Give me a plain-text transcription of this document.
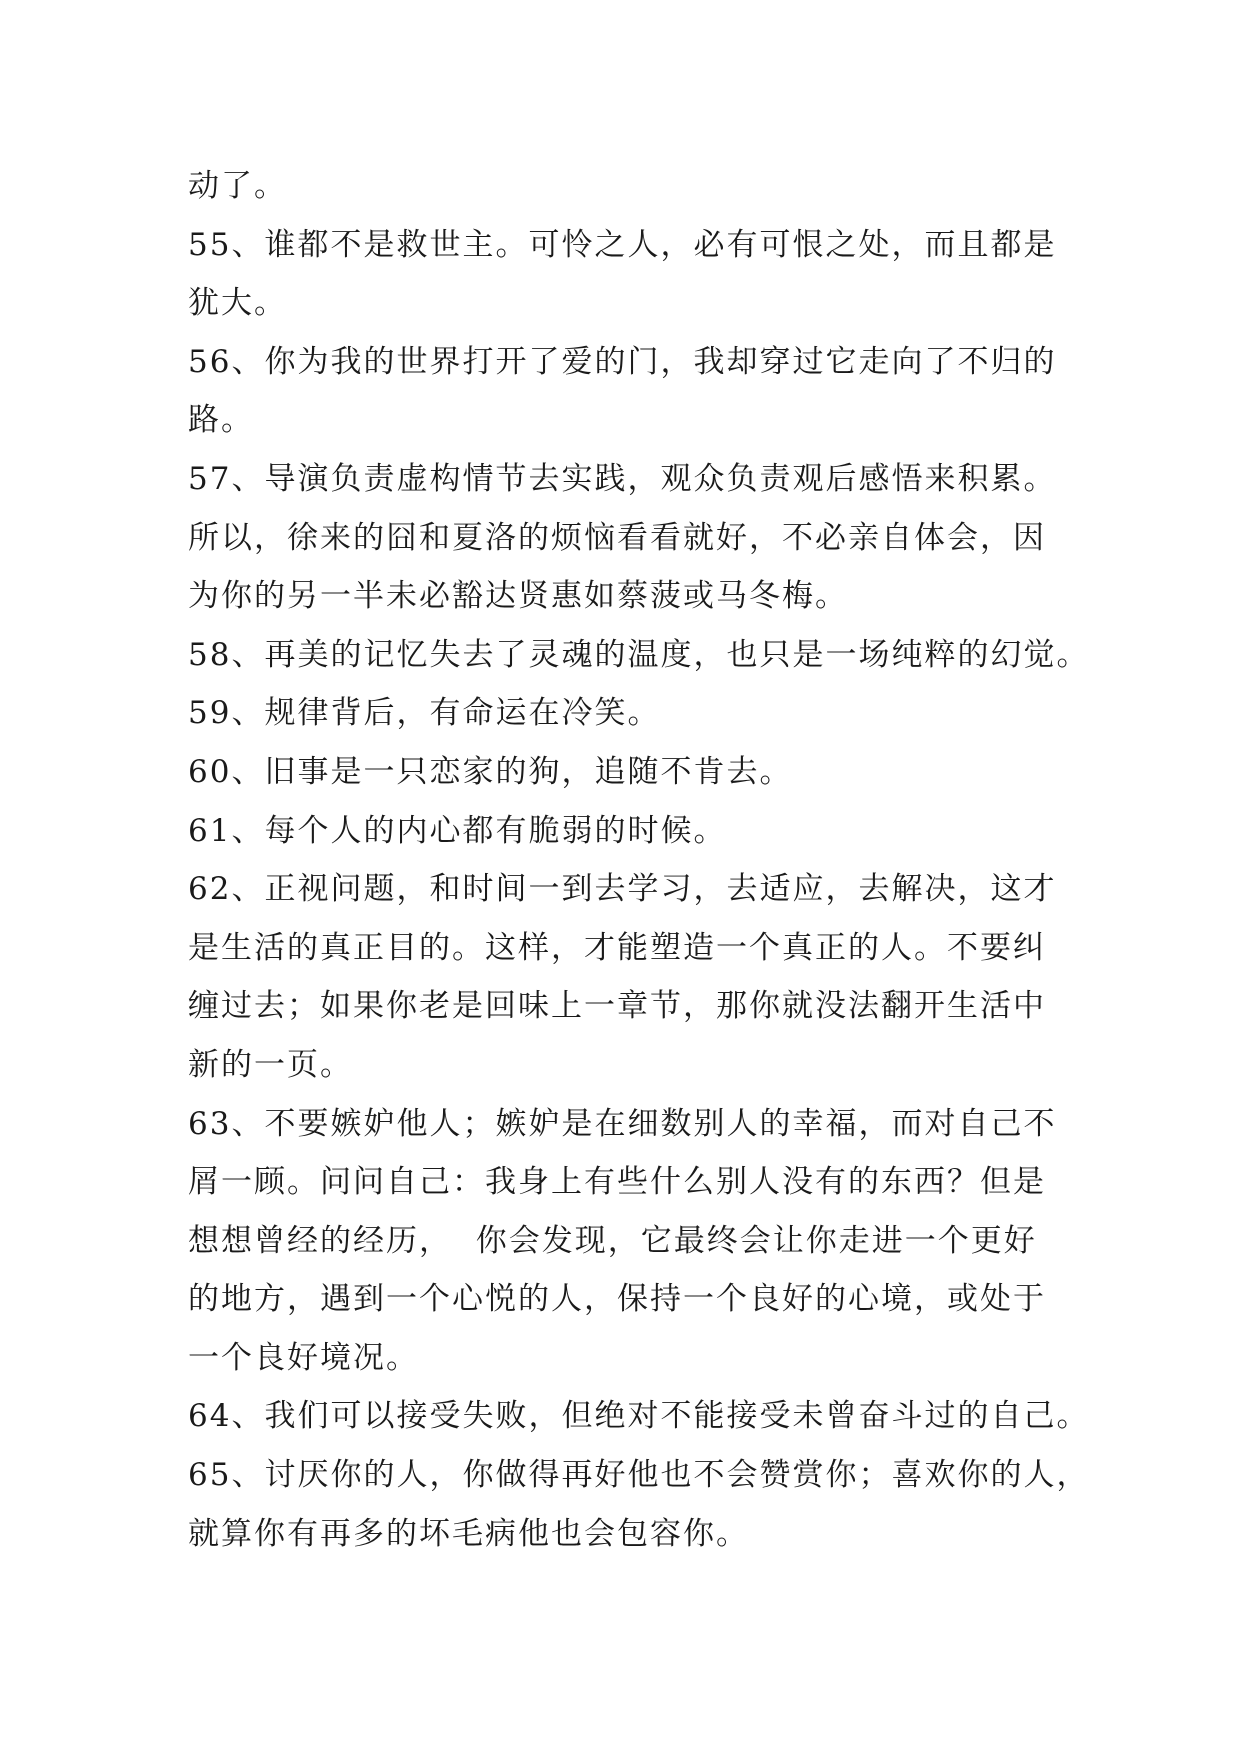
动了。
55、谁都不是救世主。可怜之人，必有可恨之处，而且都是
犹大。
56、你为我的世界打开了爱的门，我却穿过它走向了不归的
路。
57、导演负责虚构情节去实践，观众负责观后感悟来积累。
所以，徐来的囧和夏洛的烦恼看看就好，不必亲自体会，因
为你的另一半未必豁达贤惠如蔡菠或马冬梅。
58、再美的记忆失去了灵魂的温度，也只是一场纯粹的幻觉。
59、规律背后，有命运在冷笑。
60、旧事是一只恋家的狗，追随不肯去。
61、每个人的内心都有脆弱的时候。
62、正视问题，和时间一到去学习，去适应，去解决，这才
是生活的真正目的。这样，才能塑造一个真正的人。不要纠
缠过去；如果你老是回味上一章节，那你就没法翻开生活中
新的一页。
63、不要嫉妒他人；嫉妒是在细数别人的幸福，而对自己不
屑一顾。问问自己：我身上有些什么别人没有的东西？但是
想想曾经的经历，  你会发现，它最终会让你走进一个更好
的地方，遇到一个心悦的人，保持一个良好的心境，或处于
一个良好境况。
64、我们可以接受失败，但绝对不能接受未曾奋斗过的自己。
65、讨厌你的人，你做得再好他也不会赞赏你；喜欢你的人，
就算你有再多的坏毛病他也会包容你。
